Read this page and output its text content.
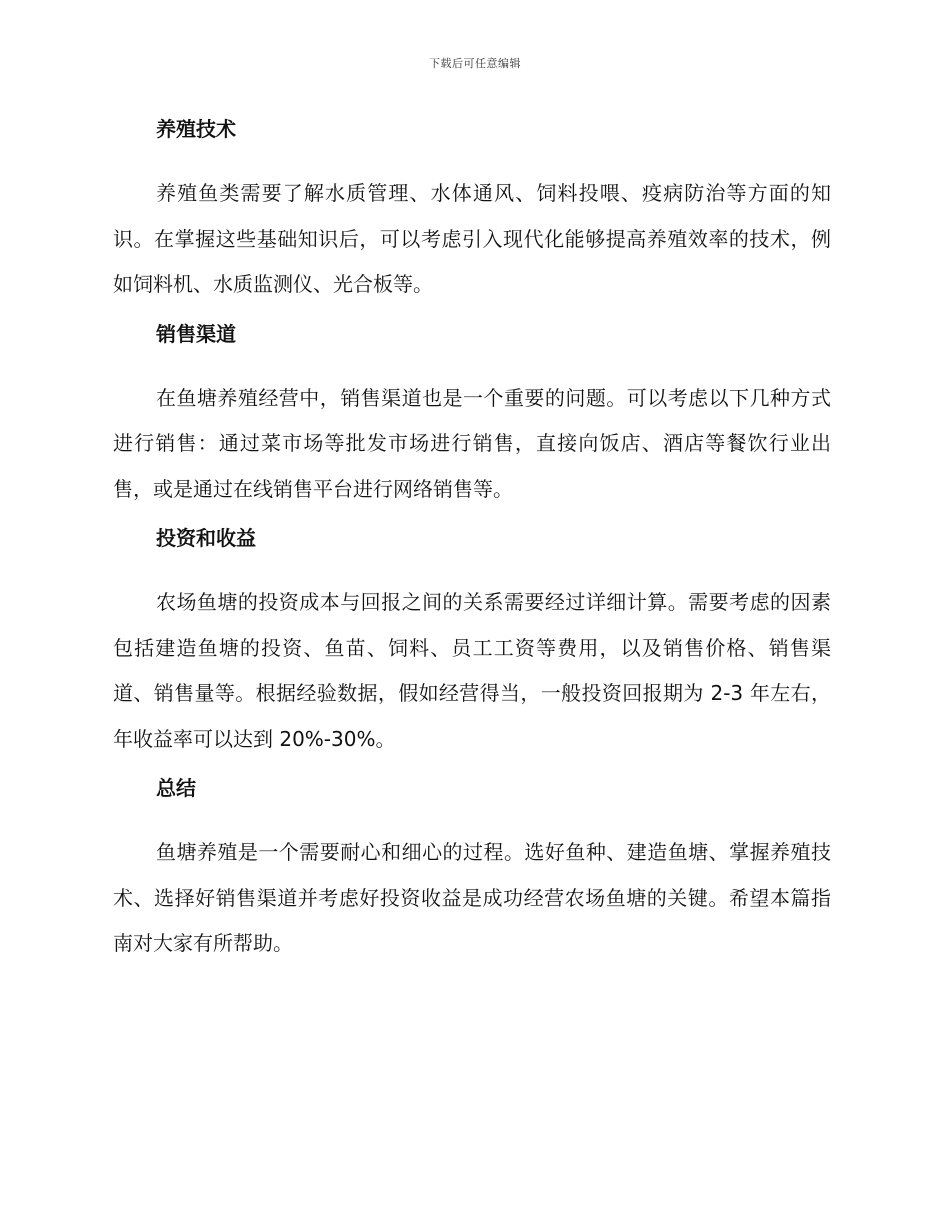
下载后可任意编辑
养殖技术

养殖鱼类需要了解水质管理、水体通风、饲料投喂、疫病防治等方面的知识。在掌握这些基础知识后，可以考虑引入现代化能够提高养殖效率的技术，例如饲料机、水质监测仪、光合板等。

销售渠道

在鱼塘养殖经营中，销售渠道也是一个重要的问题。可以考虑以下几种方式进行销售：通过菜市场等批发市场进行销售，直接向饭店、酒店等餐饮行业出售，或是通过在线销售平台进行网络销售等。

投资和收益

农场鱼塘的投资成本与回报之间的关系需要经过详细计算。需要考虑的因素包括建造鱼塘的投资、鱼苗、饲料、员工工资等费用，以及销售价格、销售渠道、销售量等。根据经验数据，假如经营得当，一般投资回报期为 2-3 年左右，年收益率可以达到 20%-30%。

总结

鱼塘养殖是一个需要耐心和细心的过程。选好鱼种、建造鱼塘、掌握养殖技术、选择好销售渠道并考虑好投资收益是成功经营农场鱼塘的关键。希望本篇指南对大家有所帮助。
